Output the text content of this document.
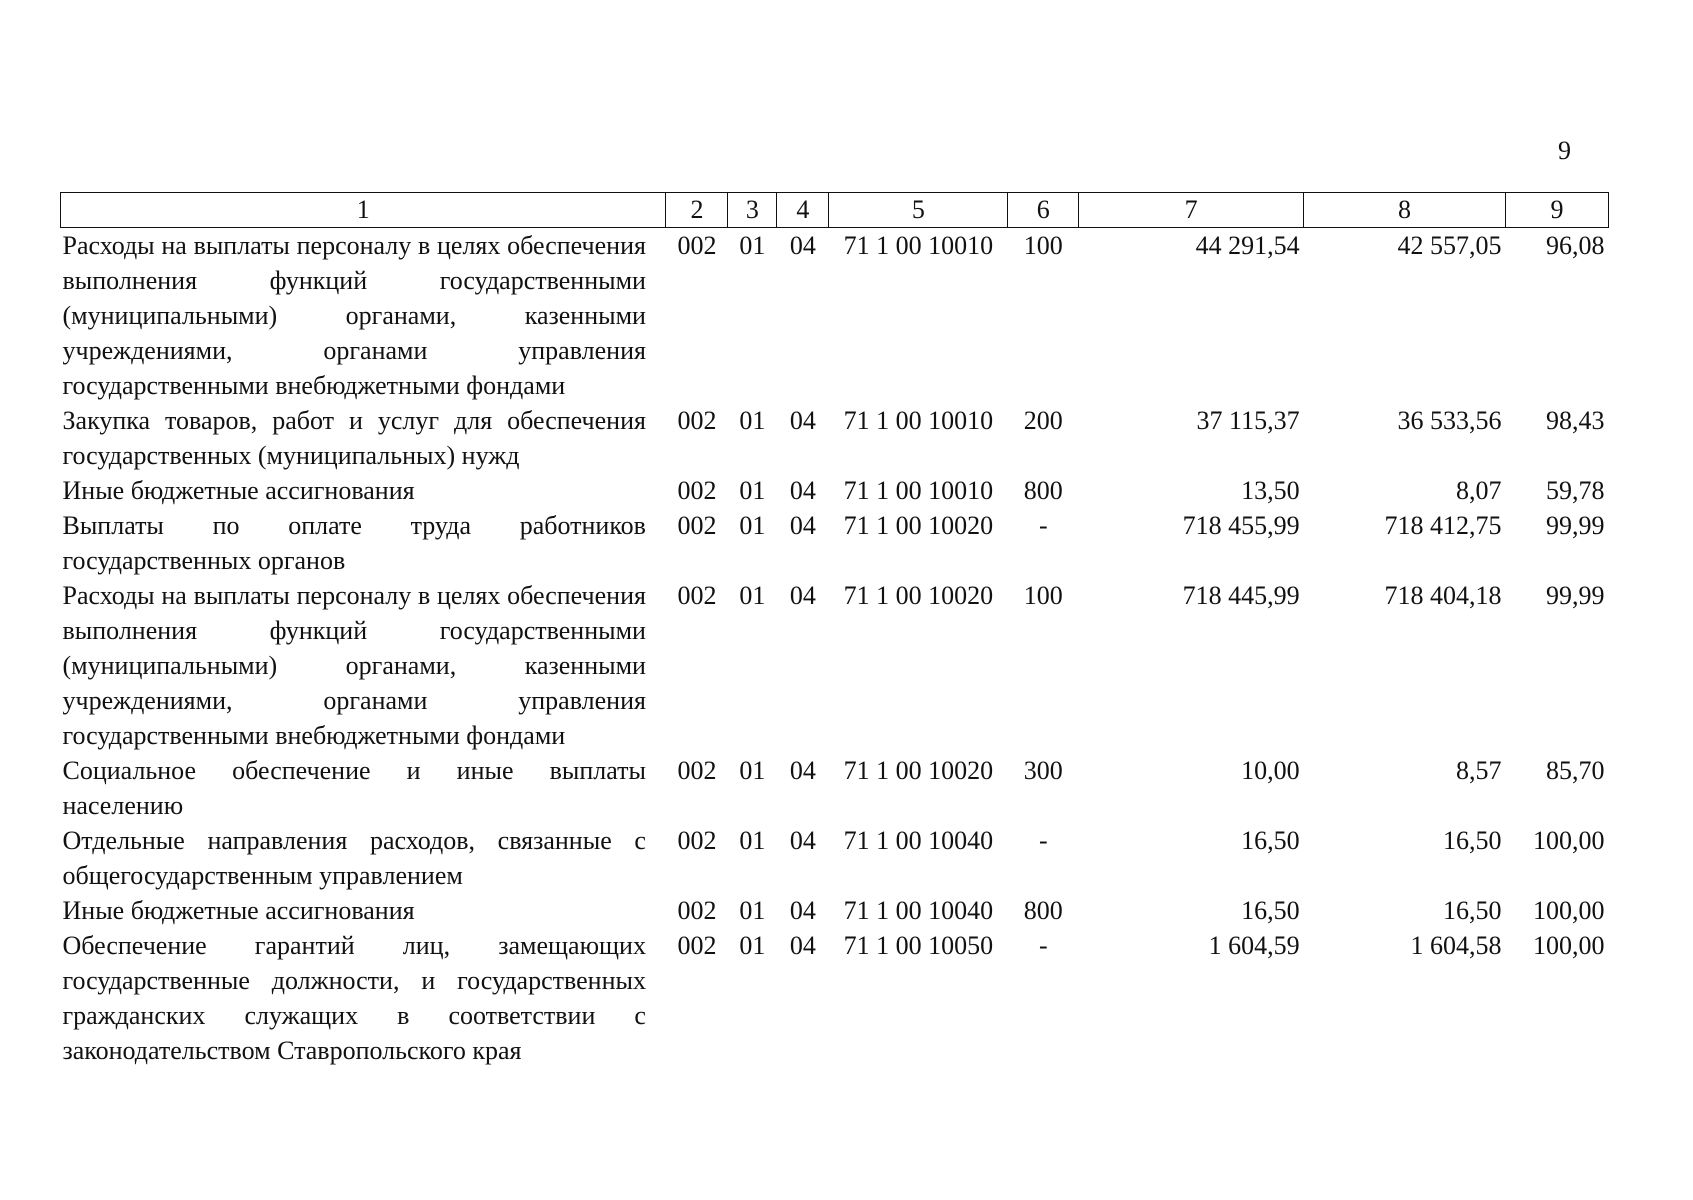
9
1	2	3	4	5	6	7	8	9
Расходы на выплаты персоналу в целях обеспечения выполнения функций государственными (муниципальными) органами, казенными учреждениями, органами управления государственными внебюджетными фондами	002	01	04	71 1 00 10010	100	44 291,54	42 557,05	96,08
Закупка товаров, работ и услуг для обеспечения государственных (муниципальных) нужд	002	01	04	71 1 00 10010	200	37 115,37	36 533,56	98,43
Иные бюджетные ассигнования	002	01	04	71 1 00 10010	800	13,50	8,07	59,78
Выплаты по оплате труда работников государственных органов	002	01	04	71 1 00 10020	-	718 455,99	718 412,75	99,99
Расходы на выплаты персоналу в целях обеспечения выполнения функций государственными (муниципальными) органами, казенными учреждениями, органами управления государственными внебюджетными фондами	002	01	04	71 1 00 10020	100	718 445,99	718 404,18	99,99
Социальное обеспечение и иные выплаты населению	002	01	04	71 1 00 10020	300	10,00	8,57	85,70
Отдельные направления расходов, связанные с общегосударственным управлением	002	01	04	71 1 00 10040	-	16,50	16,50	100,00
Иные бюджетные ассигнования	002	01	04	71 1 00 10040	800	16,50	16,50	100,00
Обеспечение гарантий лиц, замещающих государственные должности, и государственных гражданских служащих в соответствии с законодательством Ставропольского края	002	01	04	71 1 00 10050	-	1 604,59	1 604,58	100,00
